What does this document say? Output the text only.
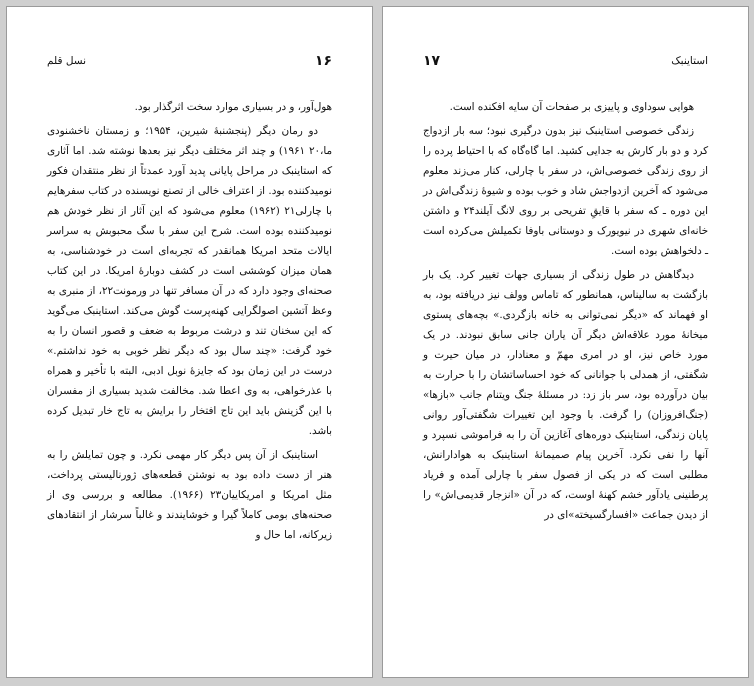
۱۶
نسل قلم

هول‌آور، و در بسیاری موارد سخت اثرگذار بود.

دو رمان دیگر (پنجشنبهٔ شیرین، ۱۹۵۴؛ و زمستان ناخشنودی ما،۲۰ ۱۹۶۱) و چند اثر مختلف دیگر نیز بعدها نوشته شد. اما آثاری که استاینبک در مراحل پایانی پدید آورد عمدتاً از نظر منتقدان فکور نومیدکننده بود. از اعتراف خالی از تصنع نویسنده در کتاب سفرهایم با چارلی۲۱ (۱۹۶۲) معلوم می‌شود که این آثار از نظر خودش هم نومیدکننده بوده است. شرح این سفر با سگ محبوبش به سراسر ایالات متحد امریکا همانقدر که تجربه‌ای است در خودشناسی، به همان میزان کوششی است در کشف دوبارهٔ امریکا. در این کتاب صحنه‌ای وجود دارد که در آن مسافر تنها در ورمونت۲۲، از منبری به وعظ آتشین اصولگرایی کهنه‌پرست گوش می‌کند. استاینبک می‌گوید که این سخنان تند و درشت مربوط به ضعف و قصور انسان را به خود گرفت: «چند سال بود که دیگر نظر خوبی به خود نداشتم.» درست در این زمان بود که جایزهٔ نوبل ادبی، البته با تأخیر و همراه با عذرخواهی، به وی اعطا شد. مخالفت شدید بسیاری از مفسران با این گزینش باید این تاج افتخار را برایش به تاج خار تبدیل کرده باشد.

استاینبک از آن پس دیگر کار مهمی نکرد. و چون تمایلش را به هنر از دست داده بود به نوشتن قطعه‌های ژورنالیستی پرداخت، مثل امریکا و امریکاییان۲۳ (۱۹۶۶). مطالعه و بررسی وی از صحنه‌های بومی کاملاً گیرا و خوشایندند و غالباً سرشار از انتقادهای زیرکانه، اما حال و

استاینبک
۱۷

هوایی سوداوی و پاییزی بر صفحات آن سایه افکنده است.

زندگی خصوصی استاینبک نیز بدون درگیری نبود؛ سه بار ازدواج کرد و دو بار کارش به جدایی کشید. اما گاه‌گاه که با احتیاط پرده را از روی زندگی خصوصی‌اش، در سفر با چارلی، کنار می‌زند معلوم می‌شود که آخرین ازدواجش شاد و خوب بوده و شیوهٔ زندگی‌اش در این دوره ـ که سفر با قایقِ تفریحی بر روی لانگ آیلند۲۴ و داشتن خانه‌ای شهری در نیویورک و دوستانی باوفا تکمیلش می‌کرده است ـ دلخواهش بوده است.

دیدگاهش در طول زندگی از بسیاری جهات تغییر کرد. یک بار بازگشت به سالیناس، همانطور که تاماس وولف نیز دریافته بود، به او فهماند که «دیگر نمی‌توانی به خانه بازگردی.» بچه‌های پستوی میخانهٔ مورد علاقه‌اش دیگر آن یاران جانی سابق نبودند. در یک مورد خاص نیز، او در امری مهمّ و معنادار، در میان حیرت و شگفتی، از همدلی با جوانانی که خود احساساتشان را با حرارت به بیان درآورده بود، سر باز زد: در مسئلهٔ جنگ ویتنام جانب «بازها» (جنگ‌افروزان) را گرفت. با وجود این تغییرات شگفتی‌آور روانی پایان زندگی، استاینبک دوره‌های آغازین آن را به فراموشی نسپرد و آنها را نفی نکرد. آخرین پیام صمیمانهٔ استاینبک به هوادارانش، مطلبی است که در یکی از فصول سفر با چارلی آمده و فریاد پرطنینی یادآور خشم کهنهٔ اوست، که در آن «انزجار قدیمی‌اش» را از دیدن جماعت «افسارگسیخته»‌ای در
